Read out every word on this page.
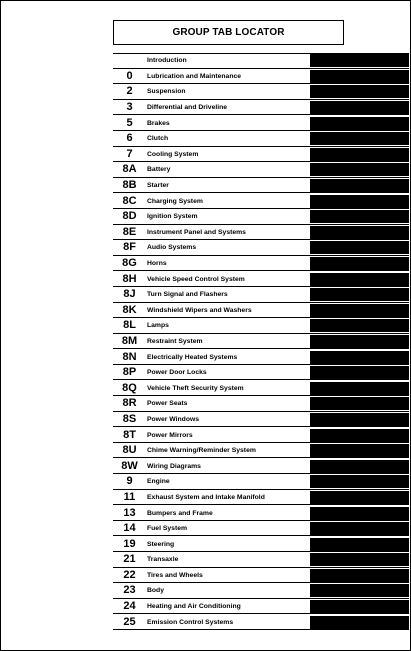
GROUP TAB LOCATOR
Introduction
0	Lubrication and Maintenance
2	Suspension
3	Differential and Driveline
5	Brakes
6	Clutch
7	Cooling System
8A	Battery
8B	Starter
8C	Charging System
8D	Ignition System
8E	Instrument Panel and Systems
8F	Audio Systems
8G	Horns
8H	Vehicle Speed Control System
8J	Turn Signal and Flashers
8K	Windshield Wipers and Washers
8L	Lamps
8M	Restraint System
8N	Electrically Heated Systems
8P	Power Door Locks
8Q	Vehicle Theft Security System
8R	Power Seats
8S	Power Windows
8T	Power Mirrors
8U	Chime Warning/Reminder System
8W	Wiring Diagrams
9	Engine
11	Exhaust System and Intake Manifold
13	Bumpers and Frame
14	Fuel System
19	Steering
21	Transaxle
22	Tires and Wheels
23	Body
24	Heating and Air Conditioning
25	Emission Control Systems
